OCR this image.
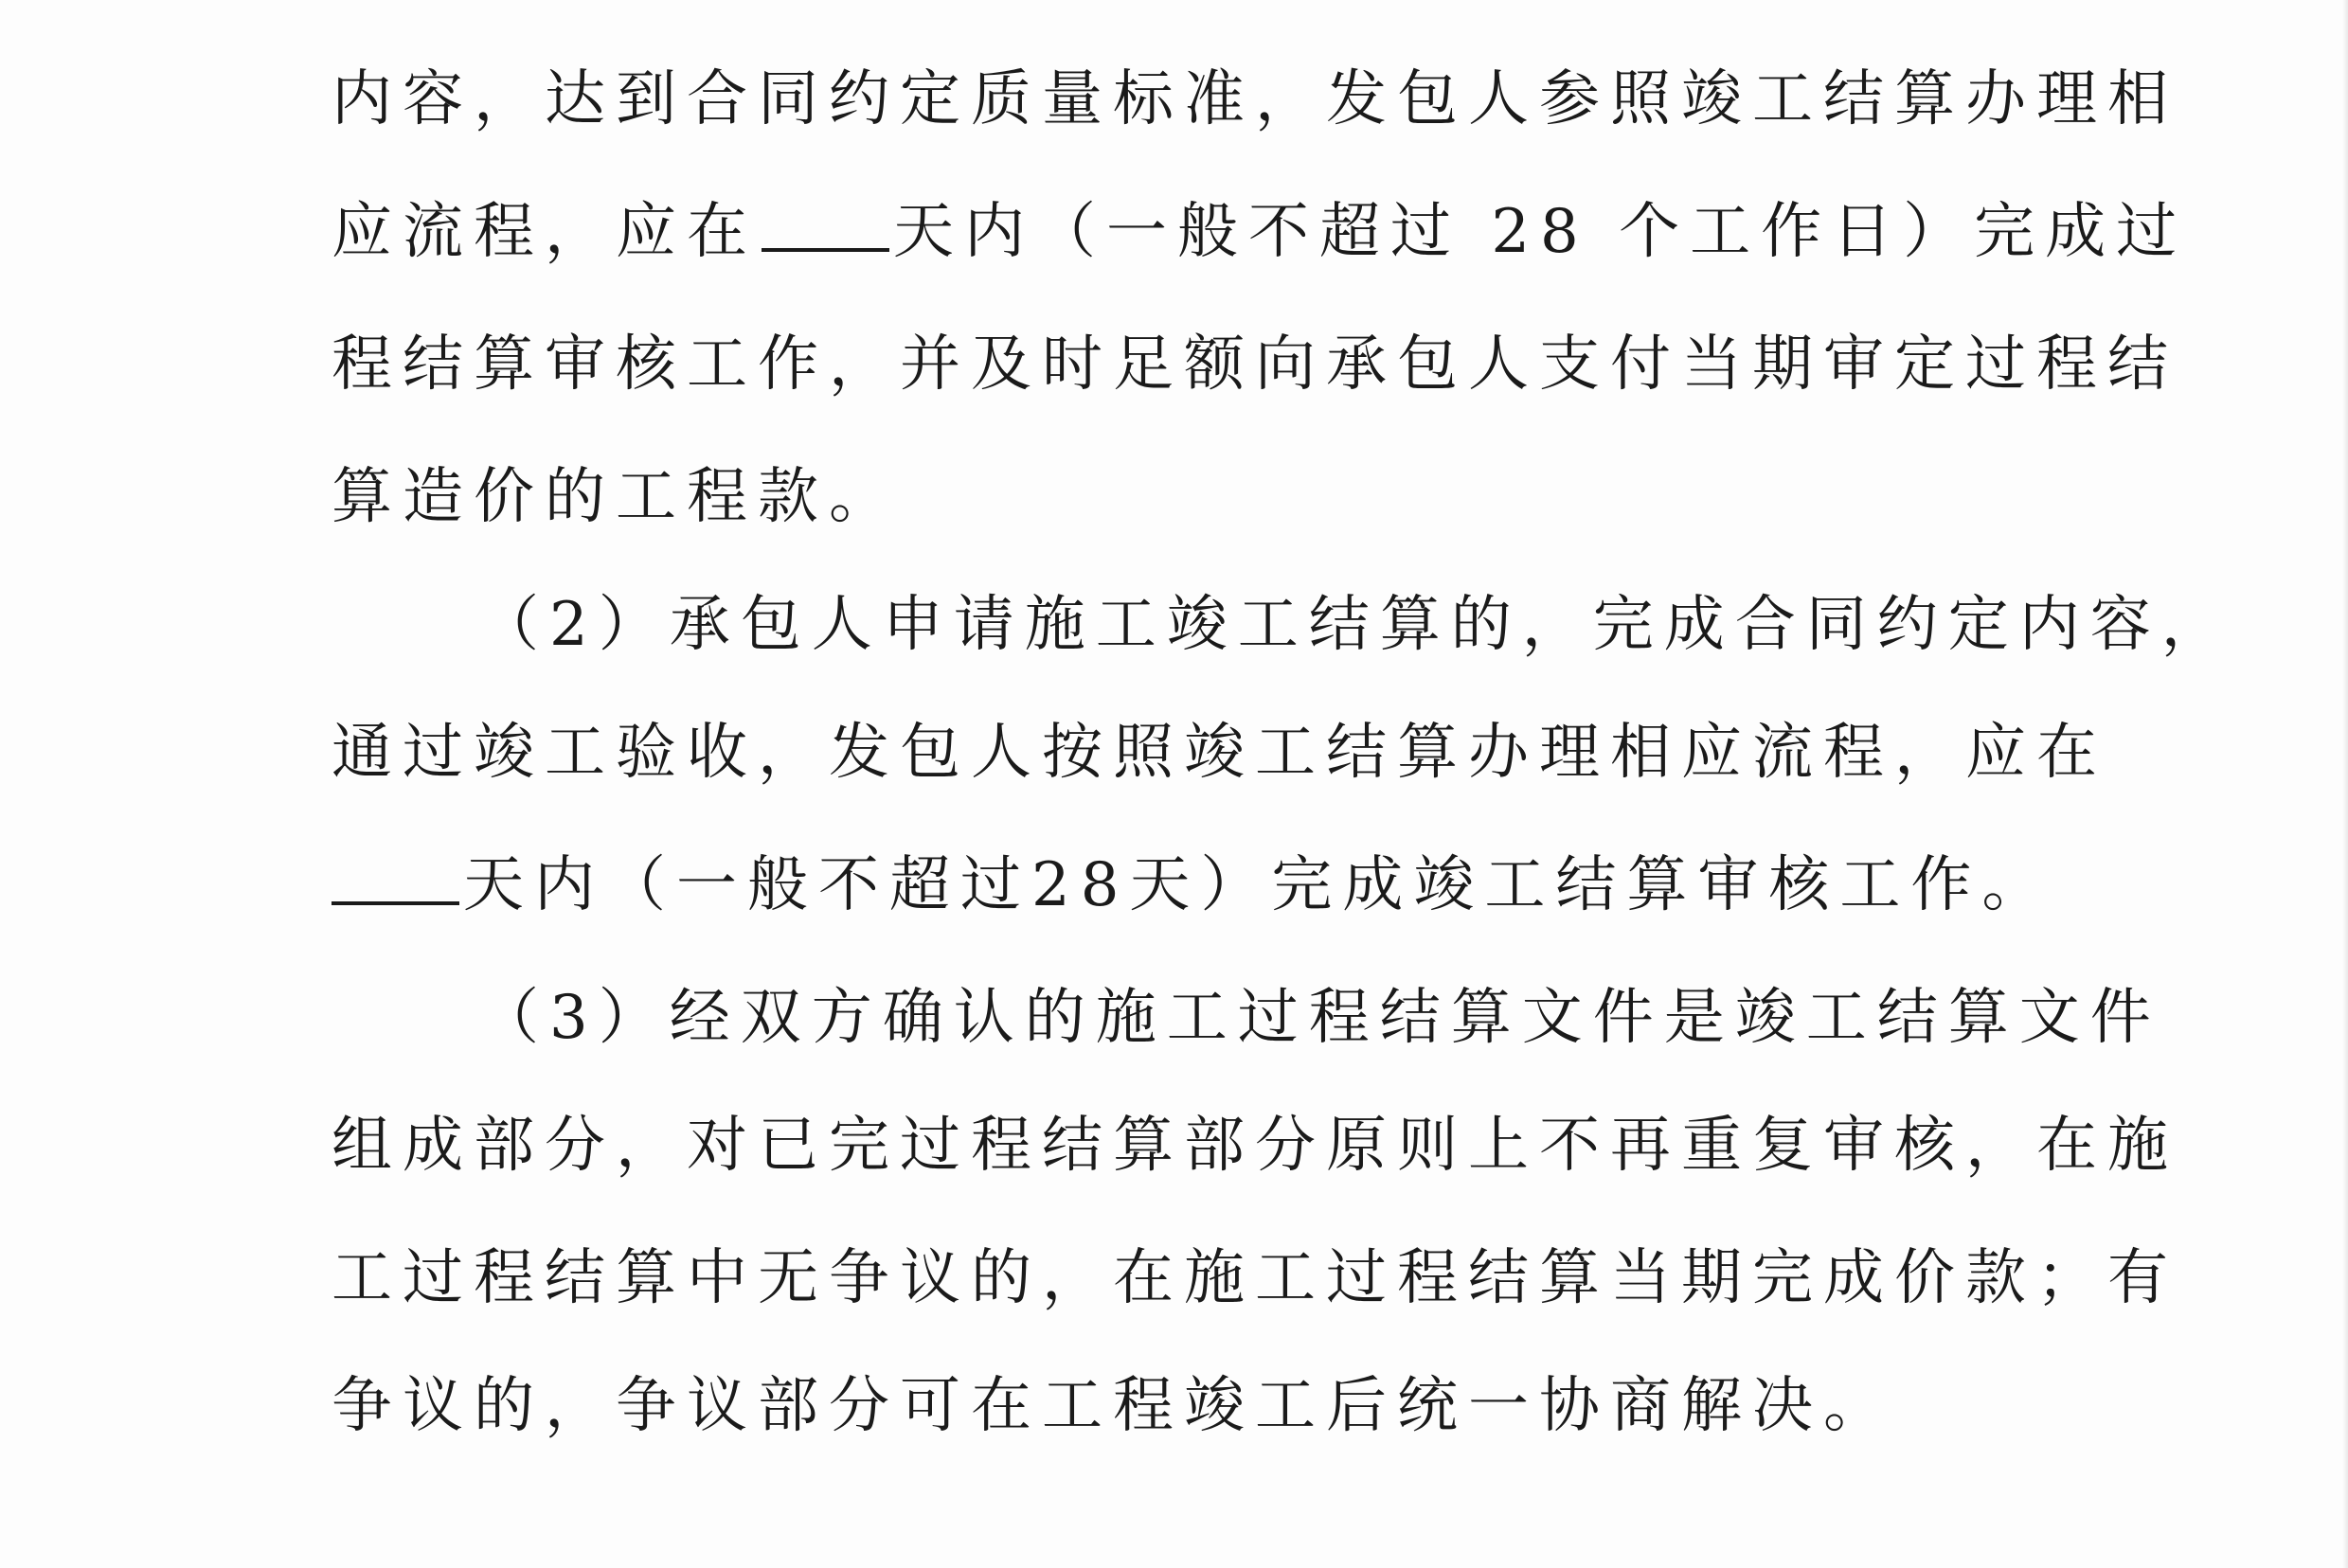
内容，达到合同约定质量标准，发包人参照竣工结算办理相
应流程，应在 天内（一般不超过 28 个工作日）完成过
程结算审核工作，并及时足额向承包人支付当期审定过程结
算造价的工程款。
（2）承包人申请施工竣工结算的，完成合同约定内容，
通过竣工验收，发包人按照竣工结算办理相应流程，应在
天内（一般不超过28天）完成竣工结算审核工作。
（3）经双方确认的施工过程结算文件是竣工结算文件
组成部分，对已完过程结算部分原则上不再重复审核，在施
工过程结算中无争议的，在施工过程结算当期完成价款；有
争议的，争议部分可在工程竣工后统一协商解决。
